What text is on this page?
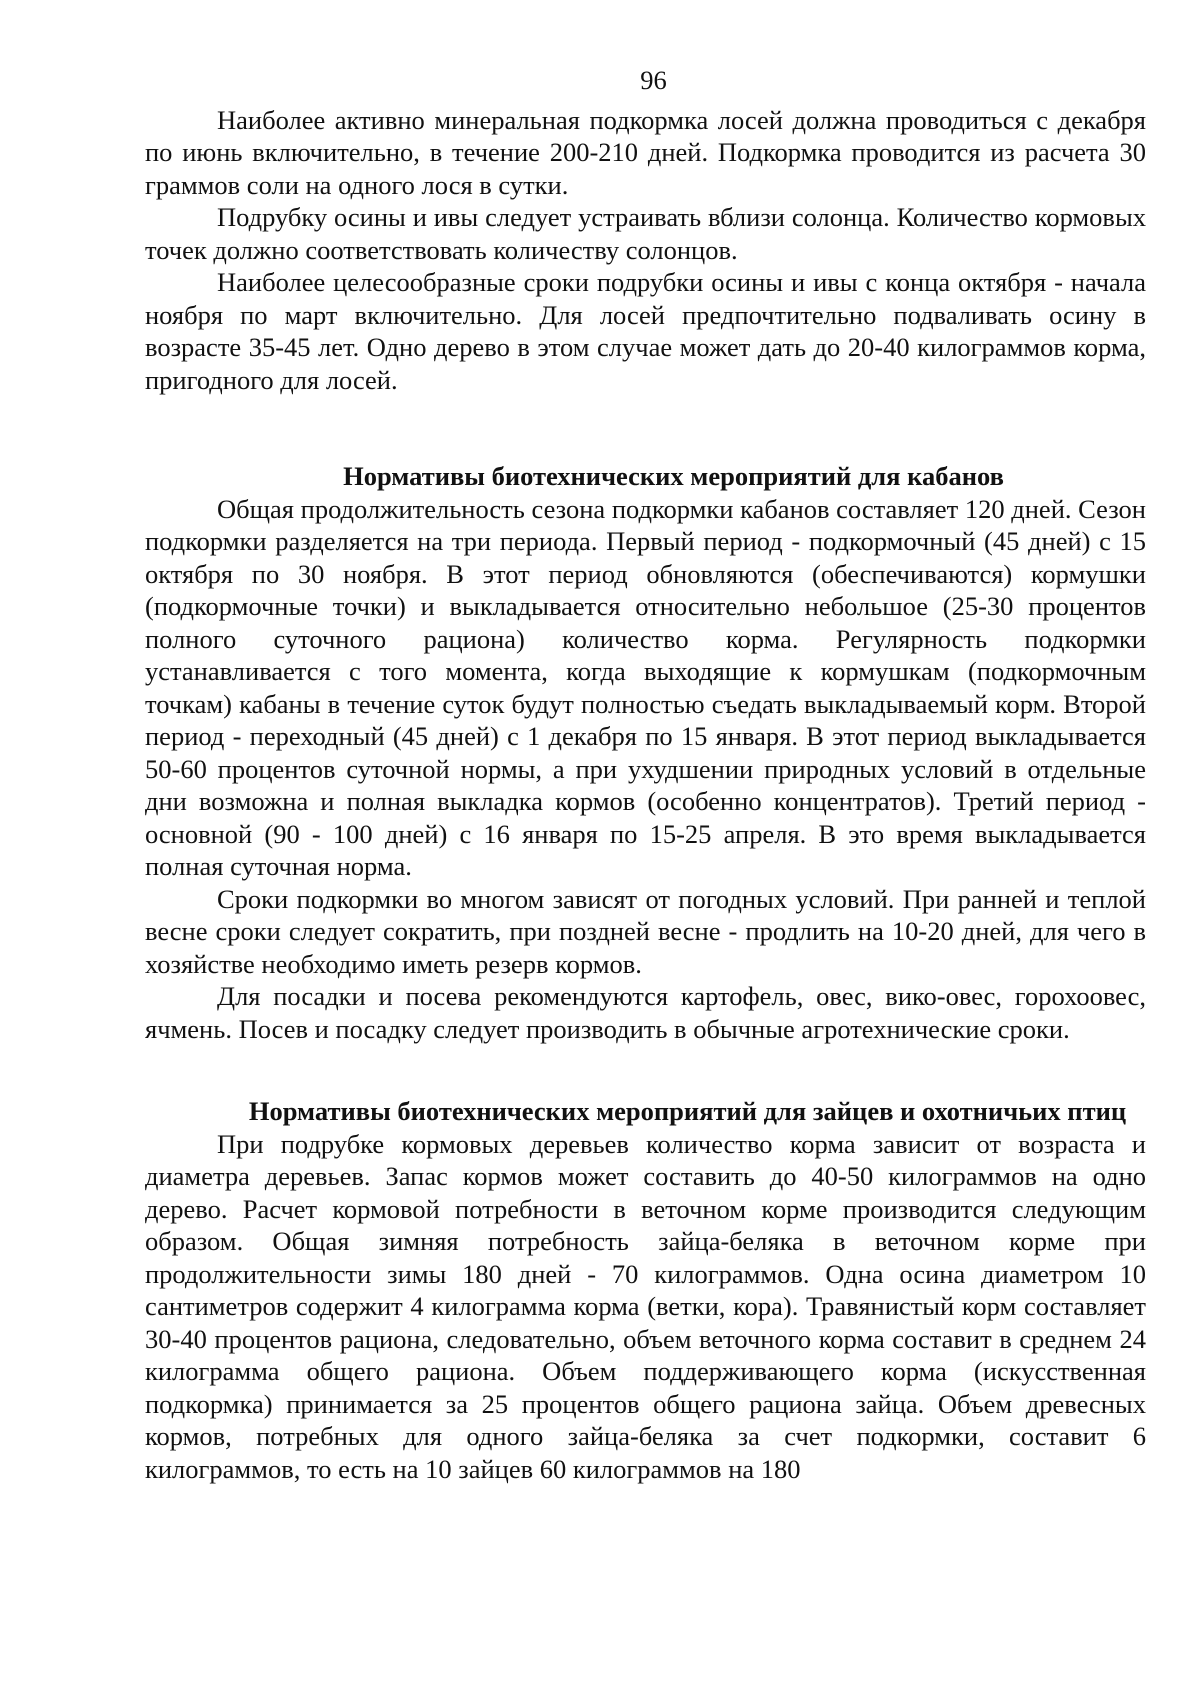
96

Наиболее активно минеральная подкормка лосей должна проводиться с декабря по июнь включительно, в течение 200-210 дней. Подкормка проводится из расчета 30 граммов соли на одного лося в сутки.

Подрубку осины и ивы следует устраивать вблизи солонца. Количество кормовых точек должно соответствовать количеству солонцов.

Наиболее целесообразные сроки подрубки осины и ивы с конца октября - начала ноября по март включительно. Для лосей предпочтительно подваливать осину в возрасте 35-45 лет. Одно дерево в этом случае может дать до 20-40 килограммов корма, пригодного для лосей.

Нормативы биотехнических мероприятий для кабанов

Общая продолжительность сезона подкормки кабанов составляет 120 дней. Сезон подкормки разделяется на три периода. Первый период - подкормочный (45 дней) с 15 октября по 30 ноября. В этот период обновляются (обеспечиваются) кормушки (подкормочные точки) и выкладывается относительно небольшое (25-30 процентов полного суточного рациона) количество корма. Регулярность подкормки устанавливается с того момента, когда выходящие к кормушкам (подкормочным точкам) кабаны в течение суток будут полностью съедать выкладываемый корм. Второй период - переходный (45 дней) с 1 декабря по 15 января. В этот период выкладывается 50-60 процентов суточной нормы, а при ухудшении природных условий в отдельные дни возможна и полная выкладка кормов (особенно концентратов). Третий период - основной (90 - 100 дней) с 16 января по 15-25 апреля. В это время выкладывается полная суточная норма.

Сроки подкормки во многом зависят от погодных условий. При ранней и теплой весне сроки следует сократить, при поздней весне - продлить на 10-20 дней, для чего в хозяйстве необходимо иметь резерв кормов.

Для посадки и посева рекомендуются картофель, овес, вико-овес, горохоовес, ячмень. Посев и посадку следует производить в обычные агротехнические сроки.

Нормативы биотехнических мероприятий для зайцев и охотничьих птиц

При подрубке кормовых деревьев количество корма зависит от возраста и диаметра деревьев. Запас кормов может составить до 40-50 килограммов на одно дерево. Расчет кормовой потребности в веточном корме производится следующим образом. Общая зимняя потребность зайца-беляка в веточном корме при продолжительности зимы 180 дней - 70 килограммов. Одна осина диаметром 10 сантиметров содержит 4 килограмма корма (ветки, кора). Травянистый корм составляет 30-40 процентов рациона, следовательно, объем веточного корма составит в среднем 24 килограмма общего рациона. Объем поддерживающего корма (искусственная подкормка) принимается за 25 процентов общего рациона зайца. Объем древесных кормов, потребных для одного зайца-беляка за счет подкормки, составит 6 килограммов, то есть на 10 зайцев 60 килограммов на 180
